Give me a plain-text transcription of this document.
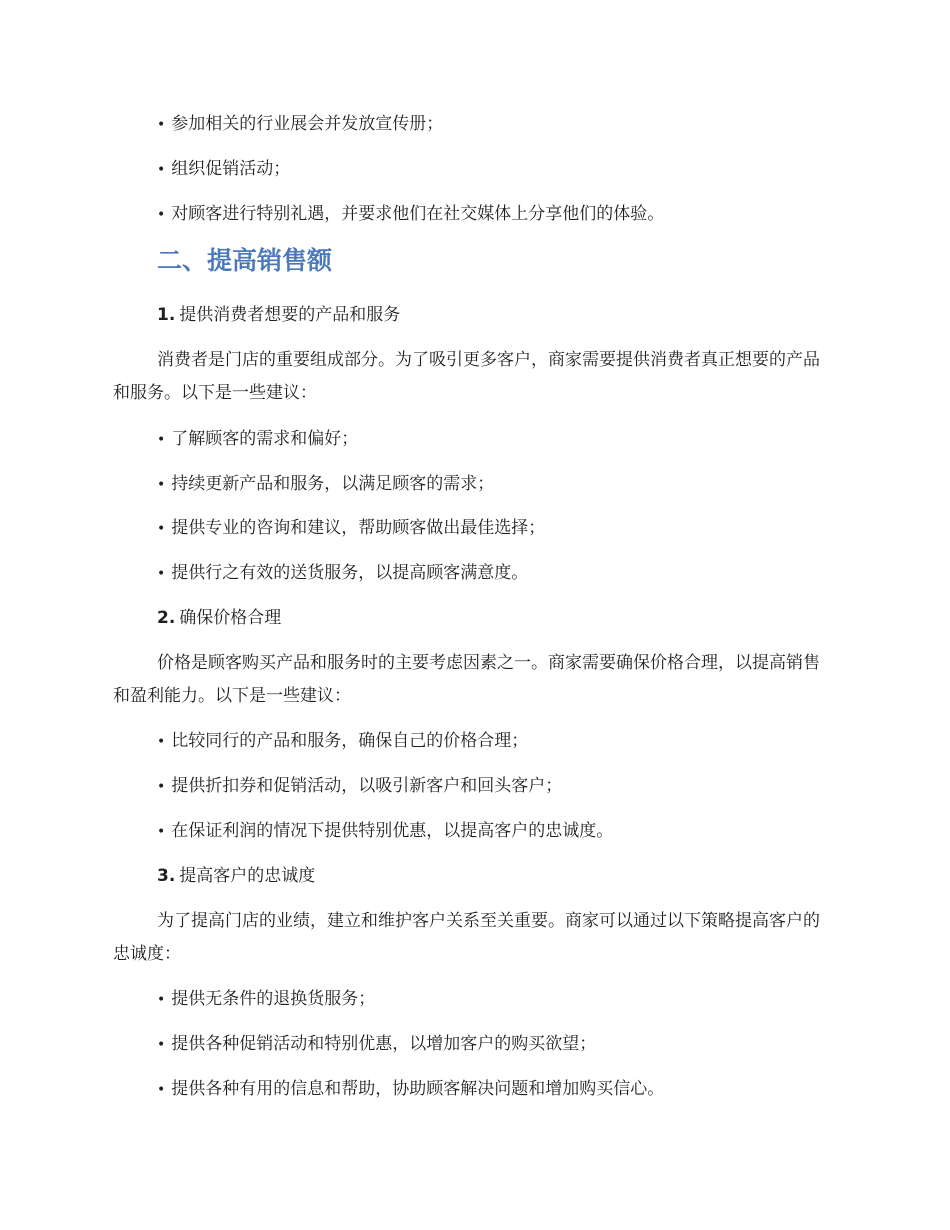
• 参加相关的行业展会并发放宣传册；
• 组织促销活动；
• 对顾客进行特别礼遇，并要求他们在社交媒体上分享他们的体验。
二、提高销售额
1. 提供消费者想要的产品和服务
消费者是门店的重要组成部分。为了吸引更多客户，商家需要提供消费者真正想要的产品和服务。以下是一些建议：
• 了解顾客的需求和偏好；
• 持续更新产品和服务，以满足顾客的需求；
• 提供专业的咨询和建议，帮助顾客做出最佳选择；
• 提供行之有效的送货服务，以提高顾客满意度。
2. 确保价格合理
价格是顾客购买产品和服务时的主要考虑因素之一。商家需要确保价格合理，以提高销售和盈利能力。以下是一些建议：
• 比较同行的产品和服务，确保自己的价格合理；
• 提供折扣券和促销活动，以吸引新客户和回头客户；
• 在保证利润的情况下提供特别优惠，以提高客户的忠诚度。
3. 提高客户的忠诚度
为了提高门店的业绩，建立和维护客户关系至关重要。商家可以通过以下策略提高客户的忠诚度：
• 提供无条件的退换货服务；
• 提供各种促销活动和特别优惠，以增加客户的购买欲望；
• 提供各种有用的信息和帮助，协助顾客解决问题和增加购买信心。
